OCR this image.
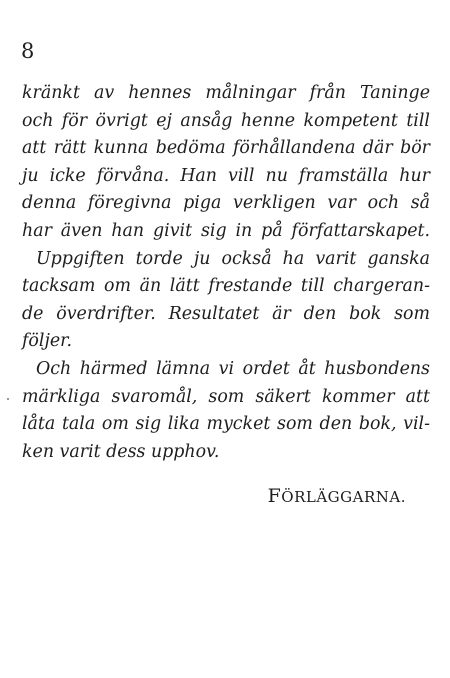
8
kränkt av hennes målningar från Taninge
och för övrigt ej ansåg henne kompetent till
att rätt kunna bedöma förhållandena där bör
ju icke förvåna. Han vill nu framställa hur
denna föregivna piga verkligen var och så
har även han givit sig in på författarskapet.
Uppgiften torde ju också ha varit ganska
tacksam om än lätt frestande till chargeran-
de överdrifter. Resultatet är den bok som
följer.
Och härmed lämna vi ordet åt husbondens
märkliga svaromål, som säkert kommer att
låta tala om sig lika mycket som den bok, vil-
ken varit dess upphov.
FÖRLÄGGARNA.
